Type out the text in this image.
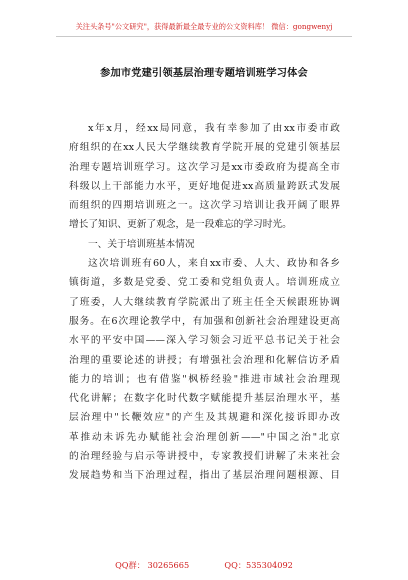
关注头条号"公文研究"，获得最新最全最专业的公文资料库！ 微信：gongwenyj
参加市党建引领基层治理专题培训班学习体会
x年x月，经xx局同意，我有幸参加了由xx市委市政
府组织的在xx人民大学继续教育学院开展的党建引领基层
治理专题培训班学习。这次学习是xx市委政府为提高全市
科级以上干部能力水平，更好地促进xx高质量跨跃式发展
而组织的四期培训班之一。这次学习培训让我开阔了眼界
增长了知识、更新了观念，是一段难忘的学习时光。
一、关于培训班基本情况
这次培训班有60人，来自xx市委、人大、政协和各乡
镇街道，多数是党委、党工委和党组负责人。培训班成立
了班委，人大继续教育学院派出了班主任全天候跟班协调
服务。在6次理论教学中，有加强和创新社会治理建设更高
水平的平安中国——深入学习领会习近平总书记关于社会
治理的重要论述的讲授；有增强社会治理和化解信访矛盾
能力的培训；也有借鉴"枫桥经验"推进市域社会治理现
代化讲解；在数字化时代数字赋能提升基层治理水平，基
层治理中"长鞭效应"的产生及其规避和深化接诉即办改
革推动未诉先办赋能社会治理创新——"中国之治"北京
的治理经验与启示等讲授中，专家教授们讲解了未来社会
发展趋势和当下治理过程，指出了基层治理问题根源、目
QQ群： 30265665	QQ：535304092
